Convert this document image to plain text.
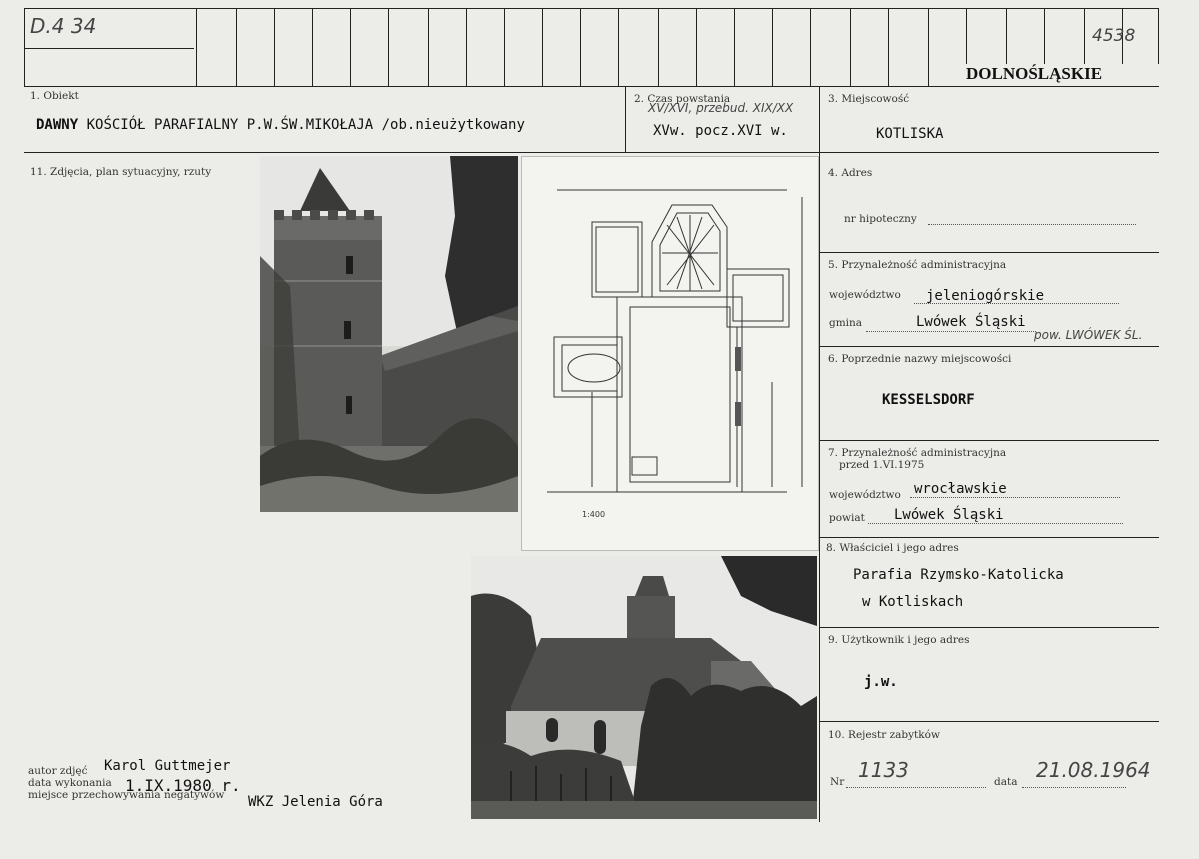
D.4 34	4538
DOLNOŚLĄSKIE
1. Obiekt
DAWNY KOŚCIÓŁ PARAFIALNY P.W.ŚW.MIKOŁAJA /ob.nieużytkowany
2. Czas powstania
XV/XVI, przebud. XIX/XX
XVw. pocz.XVI w.
3. Miejscowość
KOTLISKA
11. Zdjęcia, plan sytuacyjny, rzuty	4. Adres
nr hipoteczny
5. Przynależność administracyjna
województwo jeleniogórskie
gmina	Lwówek Śląski
pow. LWÓWEK ŚL.
6. Poprzednie nazwy miejscowości
KESSELSDORF
7. Przynależność administracyjna
przed 1.VI.1975
województwo wrocławskie
powiat Lwówek Śląski
8. Właściciel i jego adres
Parafia Rzymsko-Katolicka
w Kotliskach
9. Użytkownik i jego adres
j.w.
10. Rejestr zabytków
Nr 1133	data 21.08.1964
1:400
autor zdjęć Karol Guttmejer
data wykonania 1.IX.1980 r.
miejsce przechowywania negatywów WKZ Jelenia Góra
